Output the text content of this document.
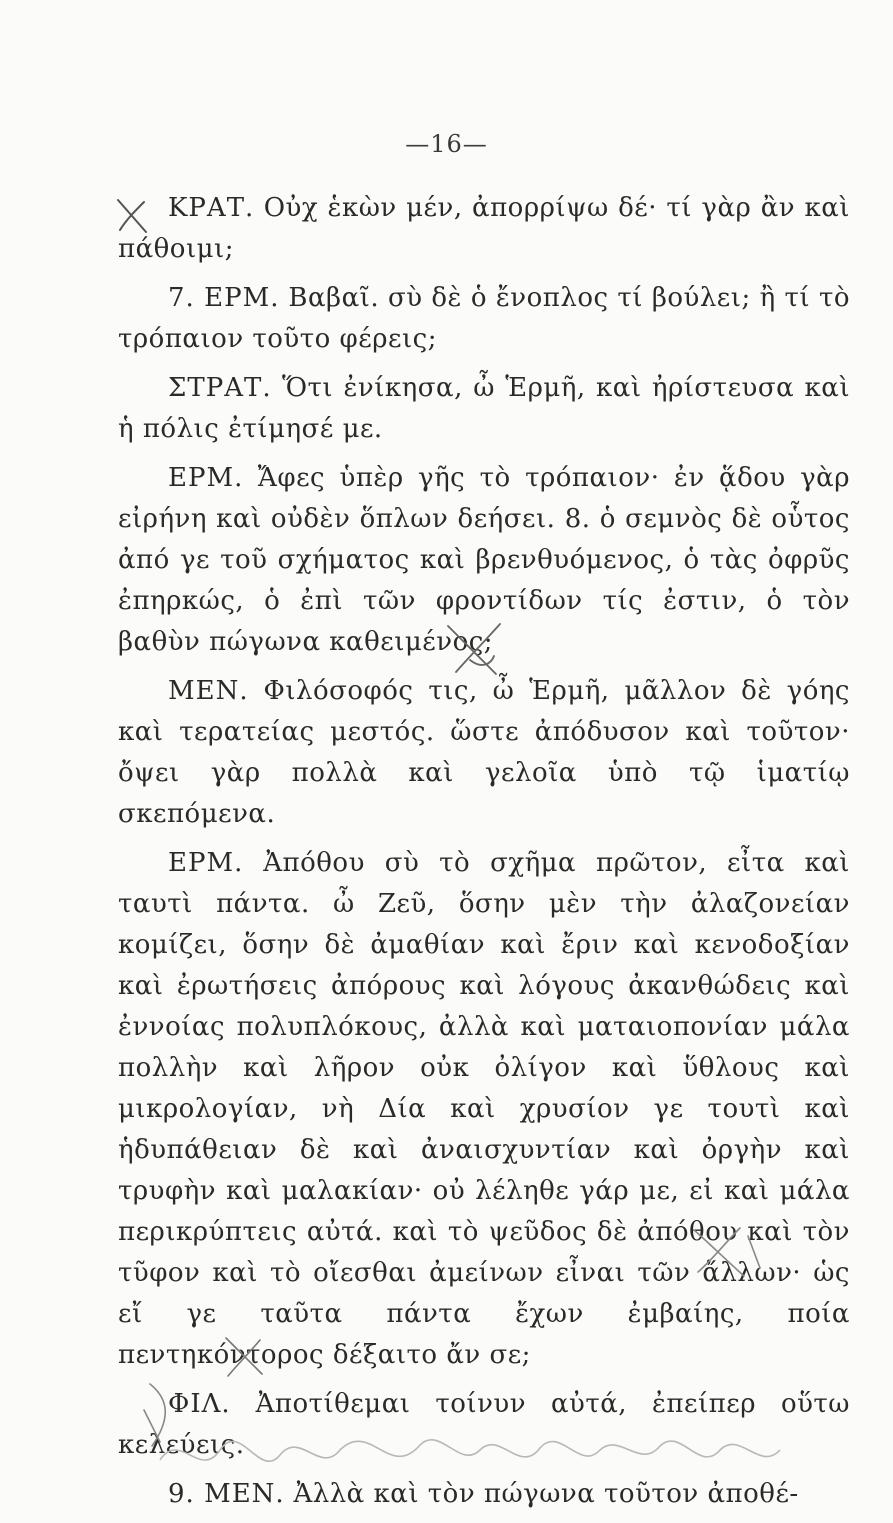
—16—

ΚΡΑΤ. Οὐχ ἑκὼν μέν, ἀπορρίψω δέ· τί γὰρ ἂν καὶ πάθοιμι;

7. ΕΡΜ. Βαβαῖ. σὺ δὲ ὁ ἔνοπλος τί βούλει; ἢ τί τὸ τρόπαιον τοῦτο φέρεις;

ΣΤΡΑΤ. Ὅτι ἐνίκησα, ὦ Ἑρμῆ, καὶ ἠρίστευσα καὶ ἡ πόλις ἐτίμησέ με.

ΕΡΜ. Ἄφες ὑπὲρ γῆς τὸ τρόπαιον· ἐν ᾅδου γὰρ εἰρήνη καὶ οὐδὲν ὅπλων δεήσει. 8. ὁ σεμνὸς δὲ οὗτος ἀπό γε τοῦ σχήματος καὶ βρενθυόμενος, ὁ τὰς ὀφρῦς ἐπηρκώς, ὁ ἐπὶ τῶν φροντίδων τίς ἐστιν, ὁ τὸν βαθὺν πώγωνα καθειμένος;

ΜΕΝ. Φιλόσοφός τις, ὦ Ἑρμῆ, μᾶλλον δὲ γόης καὶ τερατείας μεστός. ὥστε ἀπόδυσον καὶ τοῦτον· ὄψει γὰρ πολλὰ καὶ γελοῖα ὑπὸ τῷ ἱματίῳ σκεπόμενα.

ΕΡΜ. Ἀπόθου σὺ τὸ σχῆμα πρῶτον, εἶτα καὶ ταυτὶ πάντα. ὦ Ζεῦ, ὅσην μὲν τὴν ἀλαζονείαν κομίζει, ὅσην δὲ ἀμαθίαν καὶ ἔριν καὶ κενοδοξίαν καὶ ἐρωτήσεις ἀπόρους καὶ λόγους ἀκανθώδεις καὶ ἐννοίας πολυπλόκους, ἀλλὰ καὶ ματαιοπονίαν μάλα πολλὴν καὶ λῆρον οὐκ ὀλίγον καὶ ὕθλους καὶ μικρολογίαν, νὴ Δία καὶ χρυσίον γε τουτὶ καὶ ἡδυπάθειαν δὲ καὶ ἀναισχυντίαν καὶ ὀργὴν καὶ τρυφὴν καὶ μαλακίαν· οὐ λέληθε γάρ με, εἰ καὶ μάλα περικρύπτεις αὐτά. καὶ τὸ ψεῦδος δὲ ἀπόθου καὶ τὸν τῦφον καὶ τὸ οἴεσθαι ἀμείνων εἶναι τῶν ἄλλων· ὡς εἴ γε ταῦτα πάντα ἔχων ἐμβαίης, ποία πεντηκόντορος δέξαιτο ἄν σε;

ΦΙΛ. Ἀποτίθεμαι τοίνυν αὐτά, ἐπείπερ οὕτω κελεύεις.

9. ΜΕΝ. Ἀλλὰ καὶ τὸν πώγωνα τοῦτον ἀποθέ-
